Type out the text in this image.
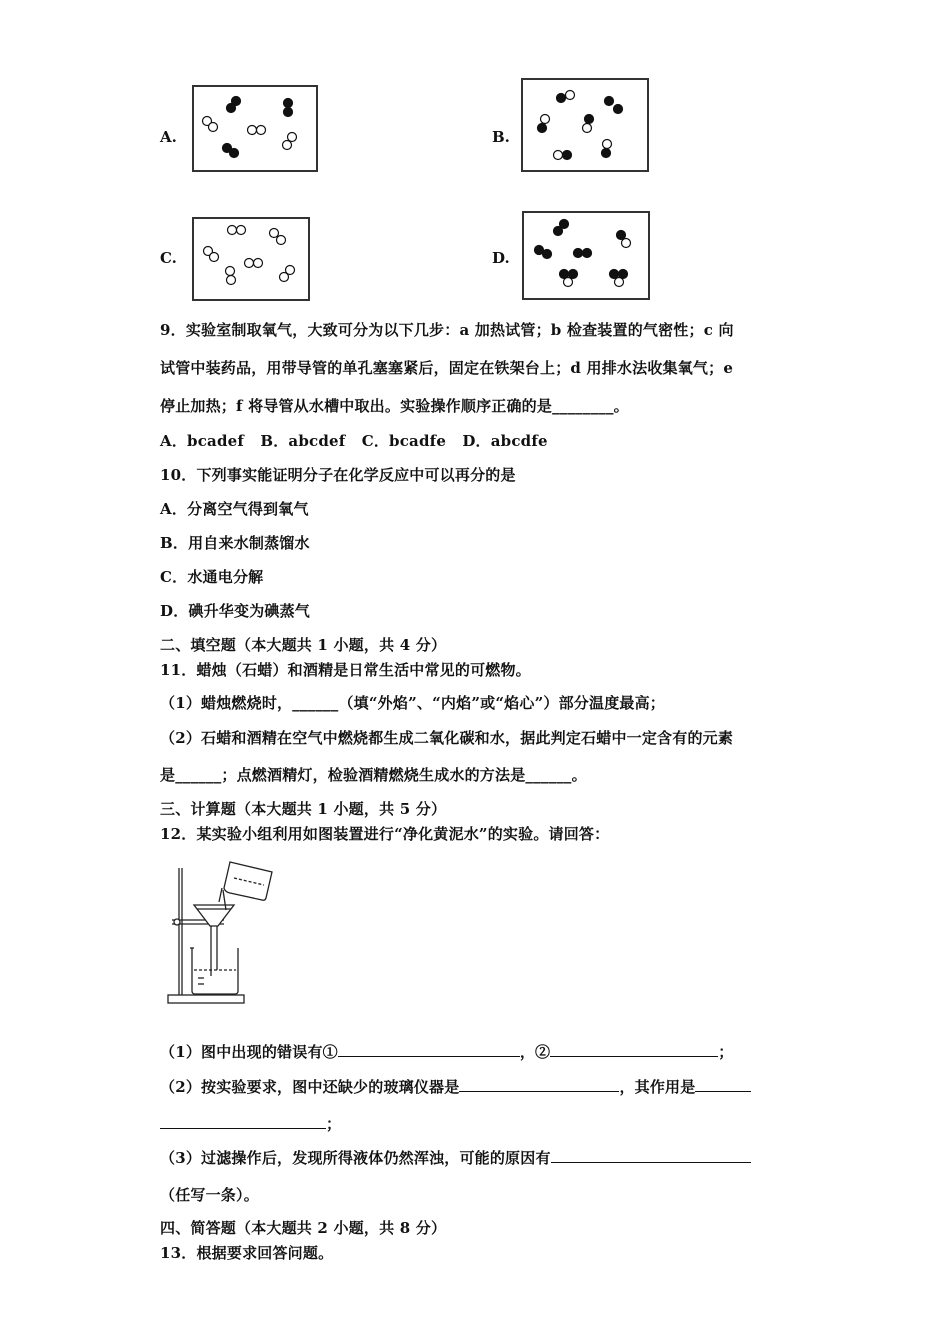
A.	B.
C.	D.
9．实验室制取氧气，大致可分为以下几步：a 加热试管；b 检查装置的气密性；c 向
试管中装药品，用带导管的单孔塞塞紧后，固定在铁架台上；d 用排水法收集氧气；e
停止加热；f 将导管从水槽中取出。实验操作顺序正确的是________。
A．bcadef   B．abcdef   C．bcadfe   D．abcdfe
10．下列事实能证明分子在化学反应中可以再分的是
A．分离空气得到氧气
B．用自来水制蒸馏水
C．水通电分解
D．碘升华变为碘蒸气
二、填空题（本大题共 1 小题，共 4 分）
11．蜡烛（石蜡）和酒精是日常生活中常见的可燃物。
（1）蜡烛燃烧时，______（填“外焰”、“内焰”或“焰心”）部分温度最高；
（2）石蜡和酒精在空气中燃烧都生成二氧化碳和水，据此判定石蜡中一定含有的元素
是______；点燃酒精灯，检验酒精燃烧生成水的方法是______。
三、计算题（本大题共 1 小题，共 5 分）
12．某实验小组利用如图装置进行“净化黄泥水”的实验。请回答：
（1）图中出现的错误有①	，②	；
（2）按实验要求，图中还缺少的玻璃仪器是	，其作用是
；
（3）过滤操作后，发现所得液体仍然浑浊，可能的原因有
（任写一条）。
四、简答题（本大题共 2 小题，共 8 分）
13．根据要求回答问题。
